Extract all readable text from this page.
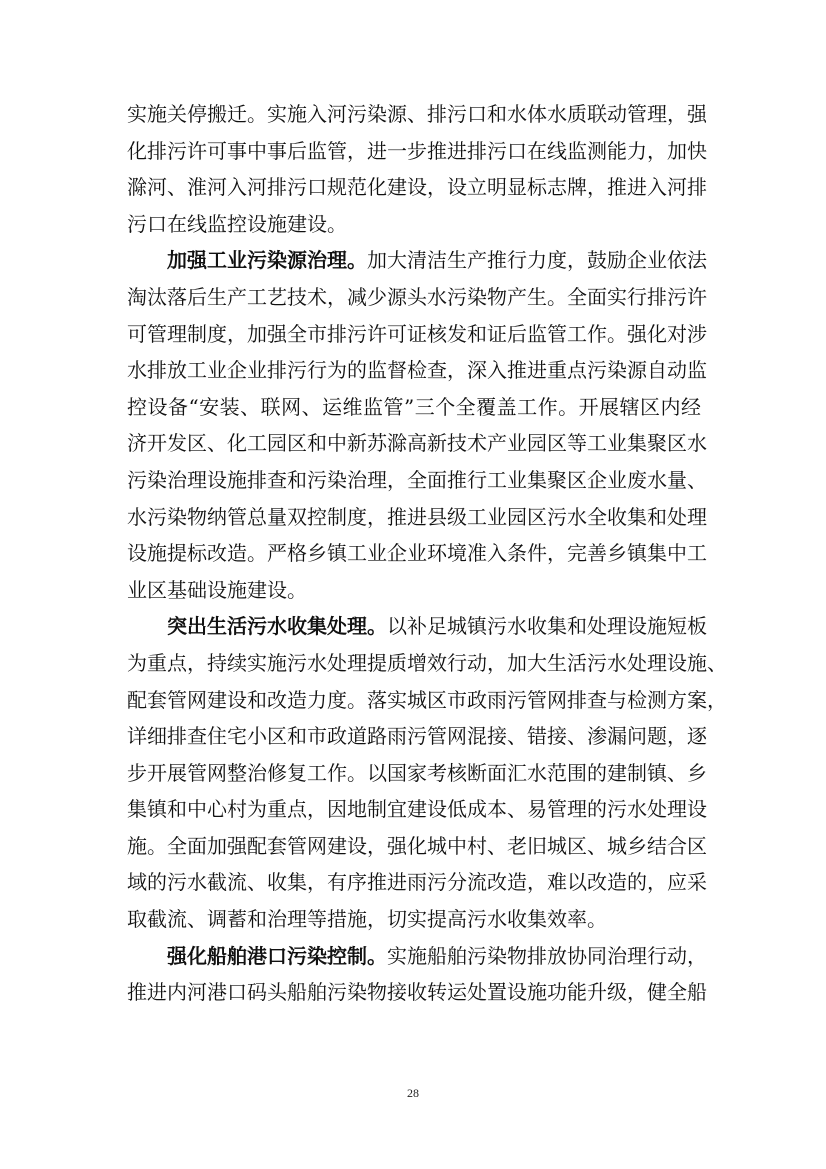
实施关停搬迁。实施入河污染源、排污口和水体水质联动管理，强
化排污许可事中事后监管，进一步推进排污口在线监测能力，加快
滁河、淮河入河排污口规范化建设，设立明显标志牌，推进入河排
污口在线监控设施建设。
加强工业污染源治理。加大清洁生产推行力度，鼓励企业依法
淘汰落后生产工艺技术，减少源头水污染物产生。全面实行排污许
可管理制度，加强全市排污许可证核发和证后监管工作。强化对涉
水排放工业企业排污行为的监督检查，深入推进重点污染源自动监
控设备“安装、联网、运维监管”三个全覆盖工作。开展辖区内经
济开发区、化工园区和中新苏滁高新技术产业园区等工业集聚区水
污染治理设施排查和污染治理，全面推行工业集聚区企业废水量、
水污染物纳管总量双控制度，推进县级工业园区污水全收集和处理
设施提标改造。严格乡镇工业企业环境准入条件，完善乡镇集中工
业区基础设施建设。
突出生活污水收集处理。以补足城镇污水收集和处理设施短板
为重点，持续实施污水处理提质增效行动，加大生活污水处理设施、
配套管网建设和改造力度。落实城区市政雨污管网排查与检测方案，
详细排查住宅小区和市政道路雨污管网混接、错接、渗漏问题，逐
步开展管网整治修复工作。以国家考核断面汇水范围的建制镇、乡
集镇和中心村为重点，因地制宜建设低成本、易管理的污水处理设
施。全面加强配套管网建设，强化城中村、老旧城区、城乡结合区
域的污水截流、收集，有序推进雨污分流改造，难以改造的，应采
取截流、调蓄和治理等措施，切实提高污水收集效率。
强化船舶港口污染控制。实施船舶污染物排放协同治理行动，
推进内河港口码头船舶污染物接收转运处置设施功能升级，健全船
28
